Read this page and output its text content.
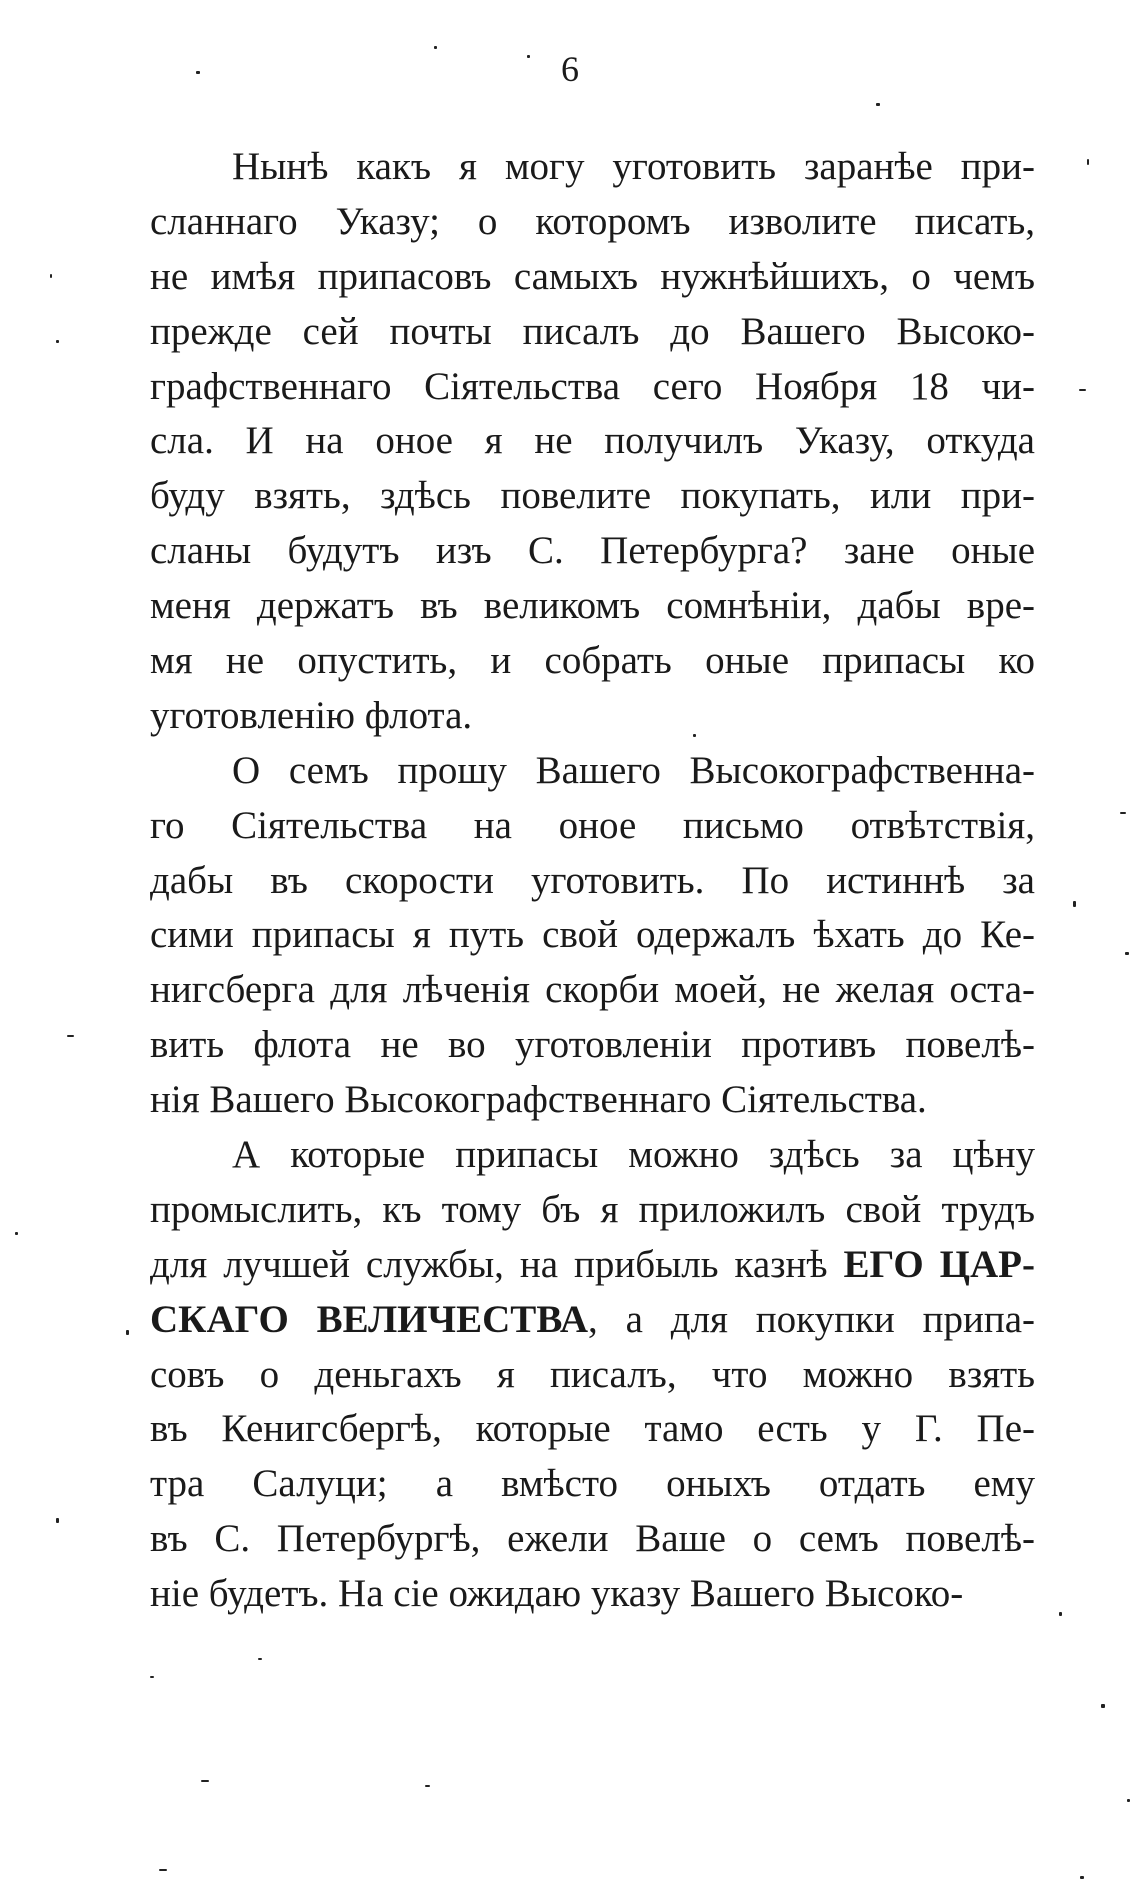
6
Нынѣ какъ я могу уготовить заранѣе при-
сланнаго Указу; о которомъ изволите писать,
не имѣя припасовъ самыхъ нужнѣйшихъ, о чемъ
прежде сей почты писалъ до Вашего Высоко-
графственнаго Сіятельства сего Ноября 18 чи-
сла. И на оное я не получилъ Указу, откуда
буду взять, здѣсь повелите покупать, или при-
сланы будутъ изъ С. Петербурга? зане оные
меня держатъ въ великомъ сомнѣніи, дабы вре-
мя не опустить, и собрать оные припасы ко
уготовленію флота.
О семъ прошу Вашего Высокографственна-
го Сіятельства на оное письмо отвѣтствія,
дабы въ скорости уготовить. По истиннѣ за
сими припасы я путь свой одержалъ ѣхать до Ке-
нигсберга для лѣченія скорби моей, не желая оста-
вить флота не во уготовленіи противъ повелѣ-
нія Вашего Высокографственнаго Сіятельства.
А которые припасы можно здѣсь за цѣну
промыслить, къ тому бъ я приложилъ свой трудъ
для лучшей службы, на прибыль казнѣ ЕГО ЦАР-
СКАГО ВЕЛИЧЕСТВА, а для покупки припа-
совъ о деньгахъ я писалъ, что можно взять
въ Кенигсбергѣ, которые тамо есть у Г. Пе-
тра Салуци; а вмѣсто оныхъ отдать ему
въ С. Петербургѣ, ежели Ваше о семъ повелѣ-
ніе будетъ. На сіе ожидаю указу Вашего Высоко-
